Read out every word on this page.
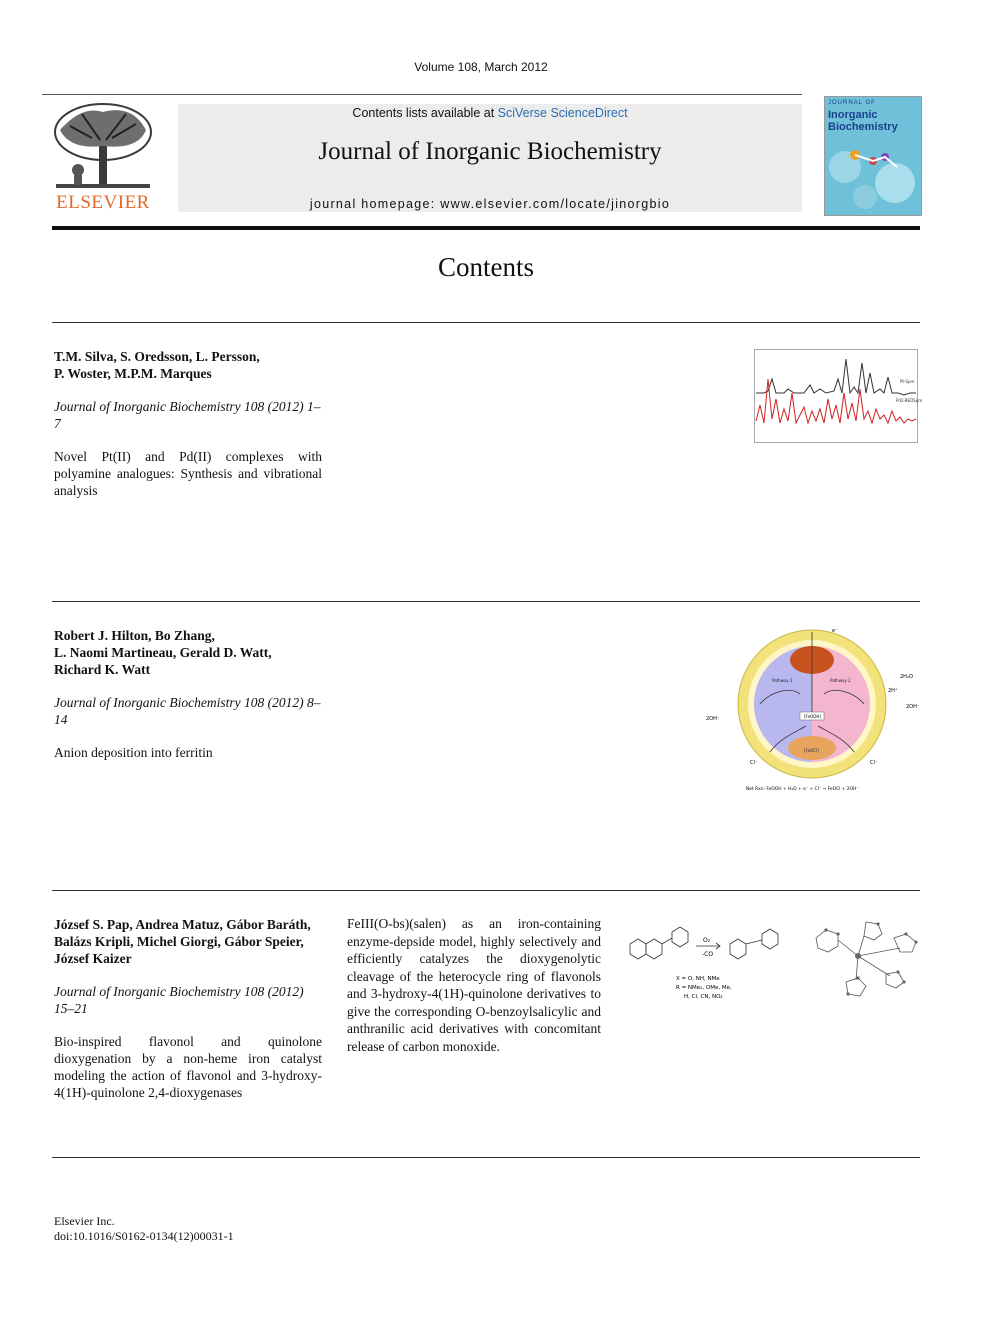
Volume 108, March 2012
ELSEVIER
Contents lists available at SciVerse ScienceDirect
Journal of Inorganic Biochemistry
journal homepage: www.elsevier.com/locate/jinorgbio
JOURNAL OF
Inorganic Biochemistry
Contents
T.M. Silva, S. Oredsson, L. Persson,
P. Woster, M.P.M. Marques
Journal of Inorganic Biochemistry 108 (2012) 1–7
Novel Pt(II) and Pd(II) complexes with polyamine analogues: Synthesis and vibrational analysis
Pt-Spm
Pd2-BEDSpm
Robert J. Hilton, Bo Zhang,
L. Naomi Martineau, Gerald D. Watt,
Richard K. Watt
Journal of Inorganic Biochemistry 108 (2012) 8–14
Anion deposition into ferritin
[FeOOH]
Pathway 1	Pathway 2
[FeOCl]
e⁻
2OH⁻
2H₂O
2H⁺
2OH⁻
Cl⁻	Cl⁻
Net Rxn: FeOOH + H₂O + e⁻ + Cl⁻ → FeOCl + 2OH⁻
József S. Pap, Andrea Matuz, Gábor Baráth,
Balázs Kripli, Michel Giorgi, Gábor Speier,
József Kaizer
Journal of Inorganic Biochemistry 108 (2012) 15–21
Bio-inspired flavonol and quinolone dioxygenation by a non-heme iron catalyst modeling the action of flavonol and 3-hydroxy-4(1H)-quinolone 2,4-dioxygenases
FeIII(O-bs)(salen) as an iron-containing enzyme-depside model, highly selectively and efficiently catalyzes the dioxygenolytic cleavage of the heterocycle ring of flavonols and 3-hydroxy-4(1H)-quinolone derivatives to give the corresponding O-benzoylsalicylic and anthranilic acid derivatives with concomitant release of carbon monoxide.
O₂
-CO
X = O, NH, NMe
R = NMe₂, OMe, Me,
H, Cl, CN, NO₂
Elsevier Inc.
doi:10.1016/S0162-0134(12)00031-1
